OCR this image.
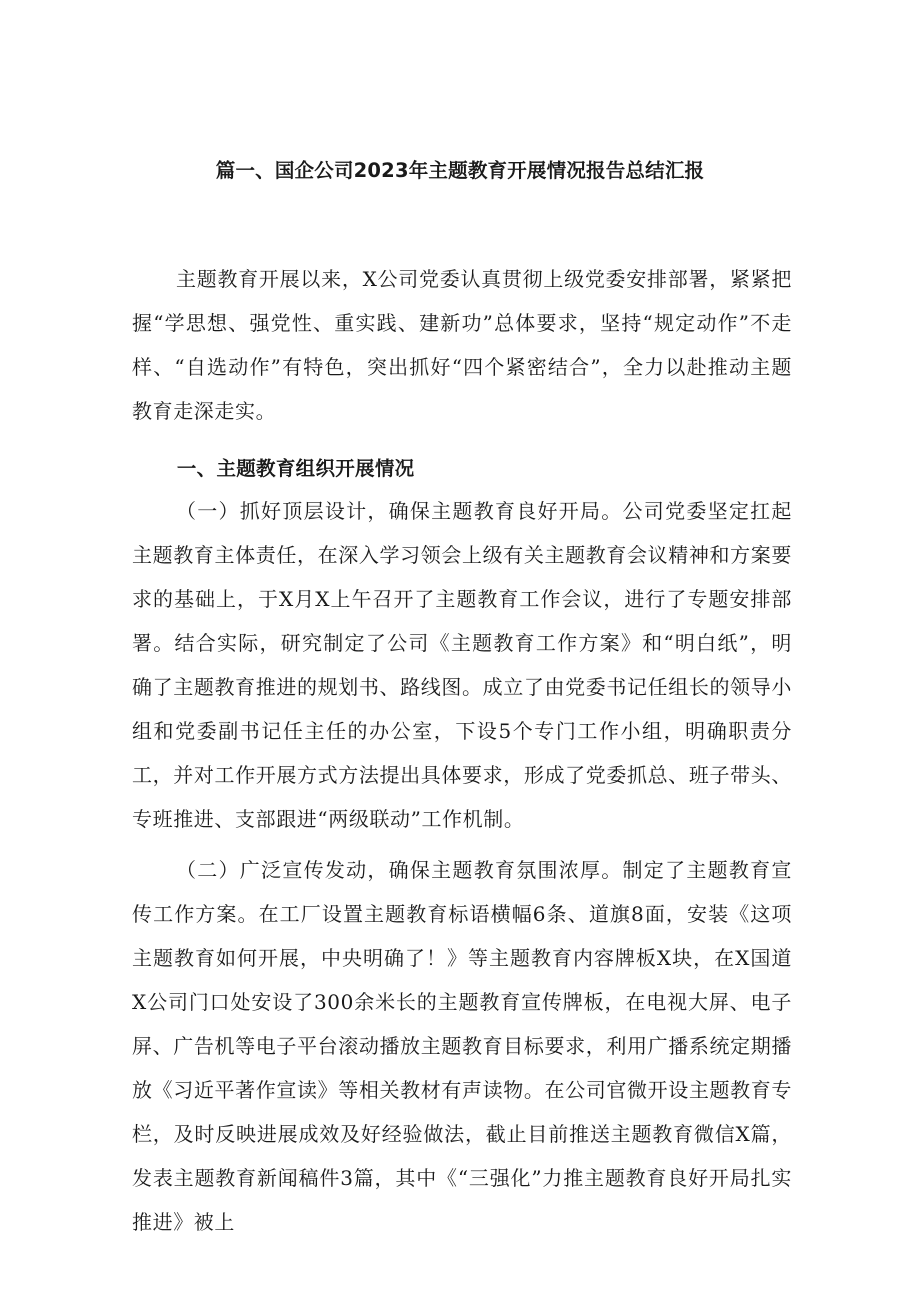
篇一、国企公司2023年主题教育开展情况报告总结汇报

主题教育开展以来，X公司党委认真贯彻上级党委安排部署，紧紧把握“学思想、强党性、重实践、建新功”总体要求，坚持“规定动作”不走样、“自选动作”有特色，突出抓好“四个紧密结合”，全力以赴推动主题教育走深走实。

一、主题教育组织开展情况

（一）抓好顶层设计，确保主题教育良好开局。公司党委坚定扛起主题教育主体责任，在深入学习领会上级有关主题教育会议精神和方案要求的基础上，于X月X上午召开了主题教育工作会议，进行了专题安排部署。结合实际，研究制定了公司《主题教育工作方案》和“明白纸”，明确了主题教育推进的规划书、路线图。成立了由党委书记任组长的领导小组和党委副书记任主任的办公室，下设5个专门工作小组，明确职责分工，并对工作开展方式方法提出具体要求，形成了党委抓总、班子带头、专班推进、支部跟进“两级联动”工作机制。

（二）广泛宣传发动，确保主题教育氛围浓厚。制定了主题教育宣传工作方案。在工厂设置主题教育标语横幅6条、道旗8面，安装《这项主题教育如何开展，中央明确了！》等主题教育内容牌板X块，在X国道X公司门口处安设了300余米长的主题教育宣传牌板，在电视大屏、电子屏、广告机等电子平台滚动播放主题教育目标要求，利用广播系统定期播放《习近平著作宣读》等相关教材有声读物。在公司官微开设主题教育专栏，及时反映进展成效及好经验做法，截止目前推送主题教育微信X篇，发表主题教育新闻稿件3篇，其中《“三强化”力推主题教育良好开局扎实推进》被上
